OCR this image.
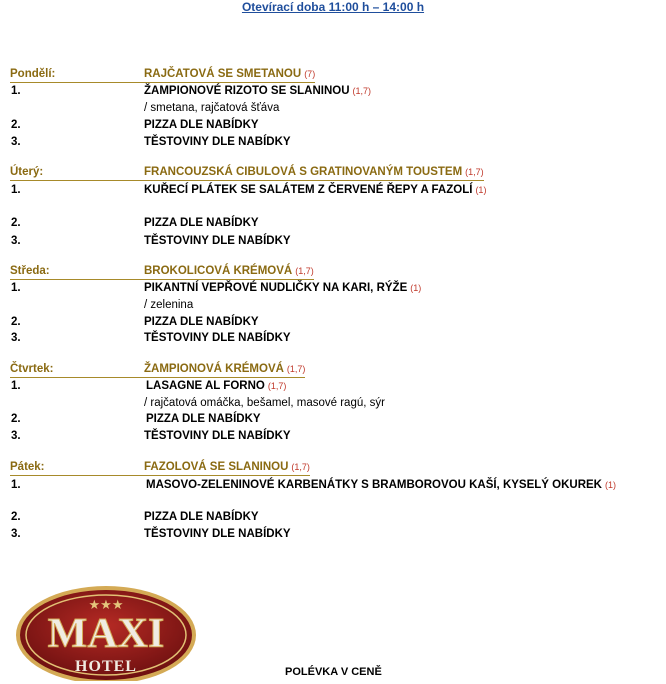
Otevírací doba 11:00 h – 14:00 h
Pondělí:	RAJČATOVÁ SE SMETANOU (7)
1.	ŽAMPIONOVÉ RIZOTO SE SLANINOU (1,7)
/ smetana, rajčatová šťáva
2.	PIZZA DLE NABÍDKY
3.	TĚSTOVINY DLE NABÍDKY
Úterý:	FRANCOUZSKÁ CIBULOVÁ S GRATINOVANÝM TOUSTEM (1,7)
1.	KUŘECÍ PLÁTEK SE SALÁTEM Z ČERVENÉ ŘEPY A FAZOLÍ (1)
2.	PIZZA DLE NABÍDKY
3.	TĚSTOVINY DLE NABÍDKY
Středa:	BROKOLICOVÁ KRÉMOVÁ (1,7)
1.	PIKANTNÍ VEPŘOVÉ NUDLIČKY NA KARI, RÝŽE (1)
/ zelenina
2.	PIZZA DLE NABÍDKY
3.	TĚSTOVINY DLE NABÍDKY
Čtvrtek:	ŽAMPIONOVÁ KRÉMOVÁ (1,7)
1.	LASAGNE AL FORNO (1,7)
/ rajčatová omáčka, bešamel, masové ragú, sýr
2.	PIZZA DLE NABÍDKY
3.	TĚSTOVINY DLE NABÍDKY
Pátek:	FAZOLOVÁ SE SLANINOU (1,7)
1.	MASOVO-ZELENINOVÉ KARBENÁTKY S BRAMBOROVOU KAŠÍ, KYSELÝ OKUREK (1)
2.	PIZZA DLE NABÍDKY
3.	TĚSTOVINY DLE NABÍDKY
★★★
MAXI
HOTEL	POLÉVKA V CENĚ
